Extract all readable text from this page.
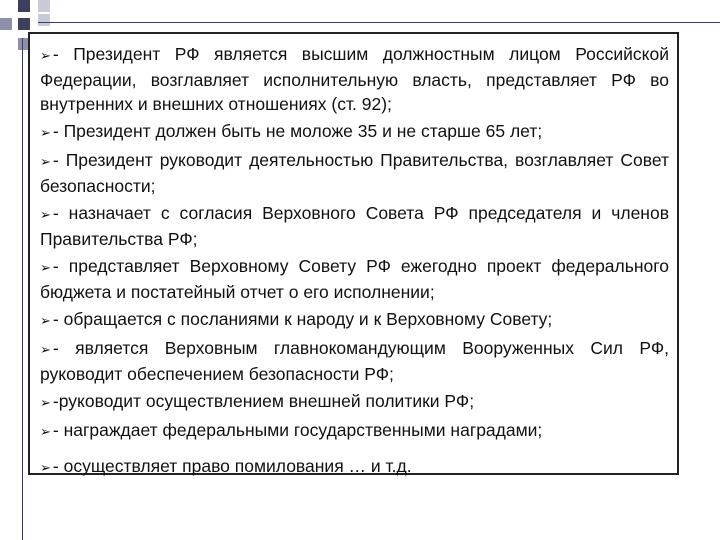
➢ - Президент РФ является высшим должностным лицом Российской Федерации, возглавляет исполнительную власть, представляет РФ во внутренних и внешних отношениях (ст. 92);
➢ - Президент должен быть не моложе 35 и не старше 65 лет;
➢ - Президент руководит деятельностью Правительства, возглавляет Совет безопасности;
➢ - назначает с согласия Верховного Совета РФ председателя и членов Правительства РФ;
➢ - представляет Верховному Совету РФ ежегодно проект федерального бюджета и постатейный отчет о его исполнении;
➢ - обращается с посланиями к народу и к Верховному Совету;
➢ - является Верховным главнокомандующим Вооруженных Сил РФ, руководит обеспечением безопасности РФ;
➢ -руководит осуществлением внешней политики РФ;
➢ - награждает федеральными государственными наградами;
➢ - осуществляет право помилования … и т.д.
